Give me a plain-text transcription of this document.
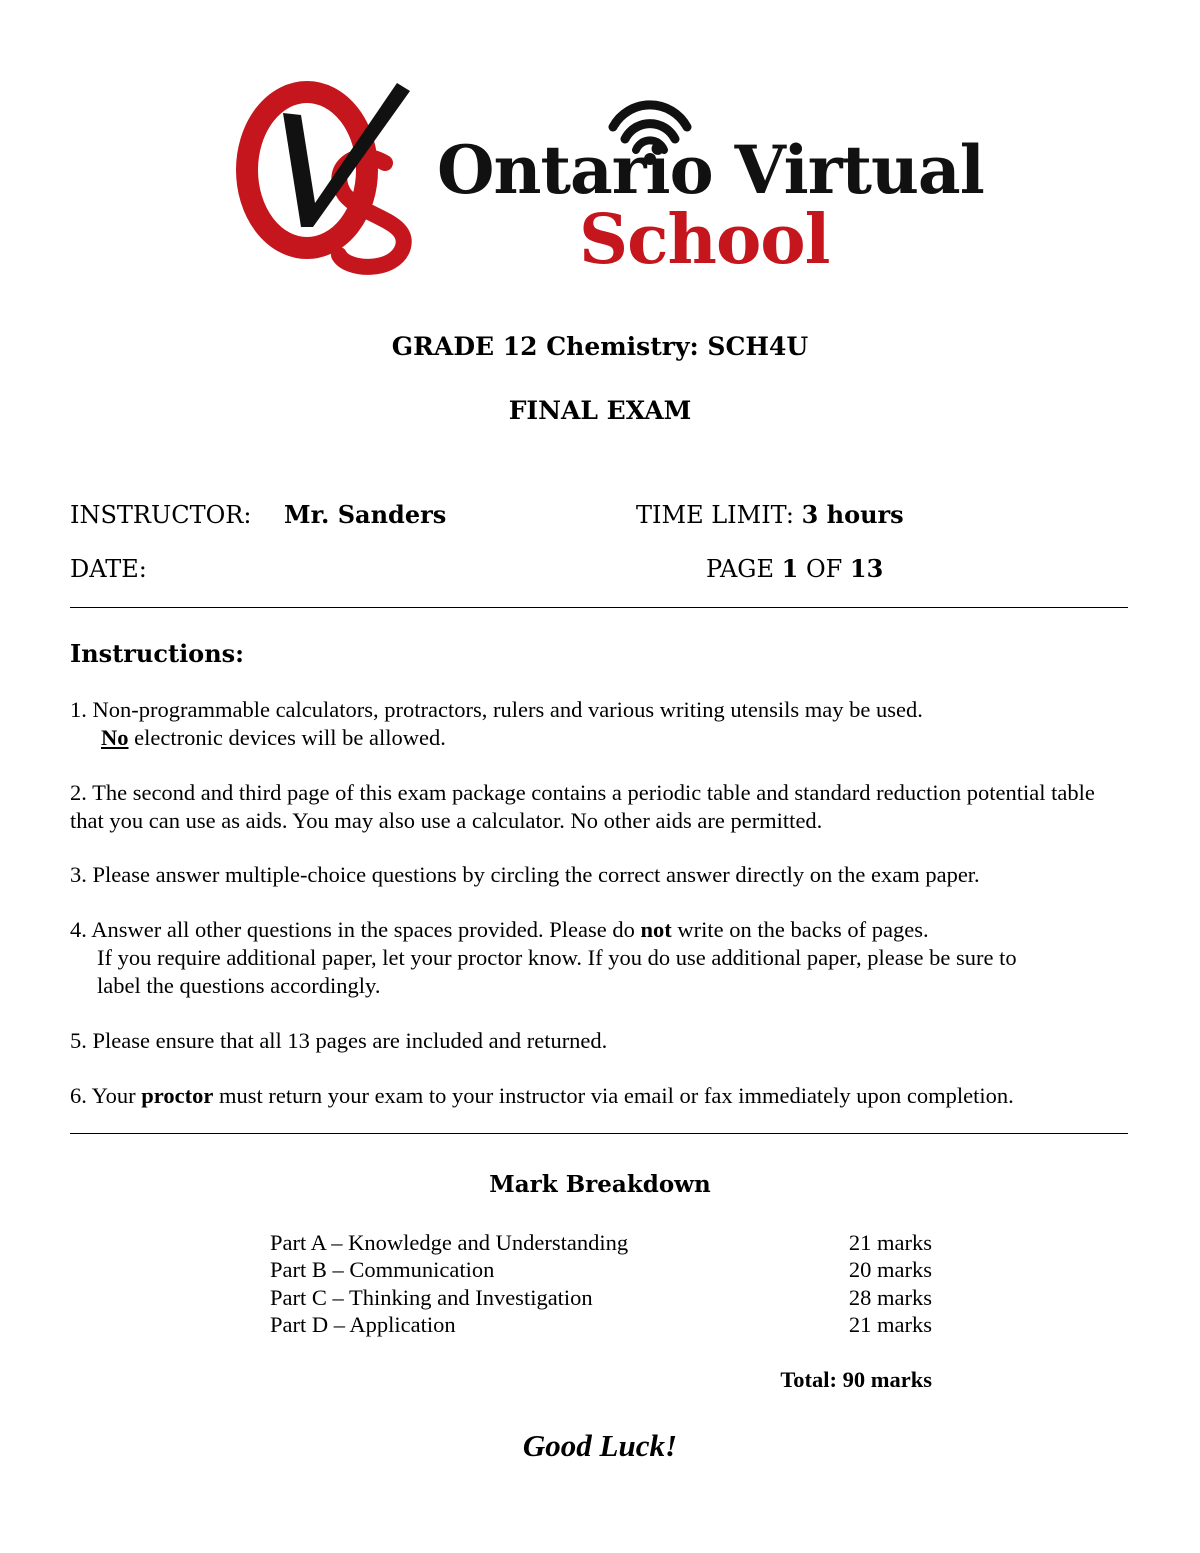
Ontario Virtual
School
GRADE 12 Chemistry: SCH4U
FINAL EXAM
INSTRUCTOR: Mr. Sanders	TIME LIMIT: 3 hours
DATE:	PAGE 1 OF 13
Instructions:
1. Non-programmable calculators, protractors, rulers and various writing utensils may be used.
No electronic devices will be allowed.
2. The second and third page of this exam package contains a periodic table and standard reduction potential table that you can use as aids. You may also use a calculator. No other aids are permitted.
3. Please answer multiple-choice questions by circling the correct answer directly on the exam paper.
4. Answer all other questions in the spaces provided. Please do not write on the backs of pages.
If you require additional paper, let your proctor know. If you do use additional paper, please be sure to
label the questions accordingly.
5. Please ensure that all 13 pages are included and returned.
6. Your proctor must return your exam to your instructor via email or fax immediately upon completion.
Mark Breakdown
Part A – Knowledge and Understanding	21 marks
Part B – Communication	20 marks
Part C – Thinking and Investigation	28 marks
Part D – Application	21 marks
Total: 90 marks
Good Luck!
